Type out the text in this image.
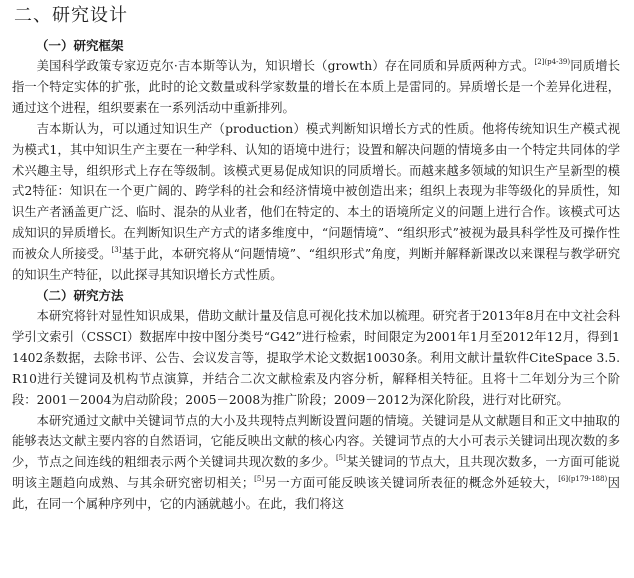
二、研究设计
（一）研究框架

美国科学政策专家迈克尔·吉本斯等认为，知识增长（growth）存在同质和异质两种方式。$^{[2](p4-39)}$同质增长指一个特定实体的扩张，此时的论文数量或科学家数量的增长在本质上是雷同的。异质增长是一个差异化进程，通过这个进程，组织要素在一系列活动中重新排列。

吉本斯认为，可以通过知识生产（production）模式判断知识增长方式的性质。他将传统知识生产模式视为模式1，其中知识生产主要在一种学科、认知的语境中进行；设置和解决问题的情境多由一个特定共同体的学术兴趣主导，组织形式上存在等级制。该模式更易促成知识的同质增长。而越来越多领域的知识生产呈新型的模式2特征：知识在一个更广阔的、跨学科的社会和经济情境中被创造出来；组织上表现为非等级化的异质性，知识生产者涵盖更广泛、临时、混杂的从业者，他们在特定的、本土的语境所定义的问题上进行合作。该模式可达成知识的异质增长。在判断知识生产方式的诸多维度中，“问题情境”、“组织形式”被视为最具科学性及可操作性而被众人所接受。[3]基于此，本研究将从“问题情境”、“组织形式”角度，判断并解释新课改以来课程与教学研究的知识生产特征，以此探寻其知识增长方式性质。

（二）研究方法

本研究将针对显性知识成果，借助文献计量及信息可视化技术加以梳理。研究者于2013年8月在中文社会科学引文索引（CSSCI）数据库中按中图分类号“G42”进行检索，时间限定为2001年1月至2012年12月，得到11402条数据，去除书评、公告、会议发言等，提取学术论文数据10030条。利用文献计量软件CiteSpace 3.5.R10进行关键词及机构节点演算，并结合二次文献检索及内容分析，解释相关特征。且将十二年划分为三个阶段：2001－2004为启动阶段；2005－2008为推广阶段；2009－2012为深化阶段，进行对比研究。

本研究通过文献中关键词节点的大小及共现特点判断设置问题的情境。关键词是从文献题目和正文中抽取的能够表达文献主要内容的自然语词，它能反映出文献的核心内容。关键词节点的大小可表示关键词出现次数的多少，节点之间连线的粗细表示两个关键词共现次数的多少。[5]某关键词的节点大，且共现次数多，一方面可能说明该主题趋向成熟、与其余研究密切相关；[5]另一方面可能反映该关键词所表征的概念外延较大，$^{[6](p179-188)}$因此，在同一个属种序列中，它的内涵就越小。在此，我们将这
